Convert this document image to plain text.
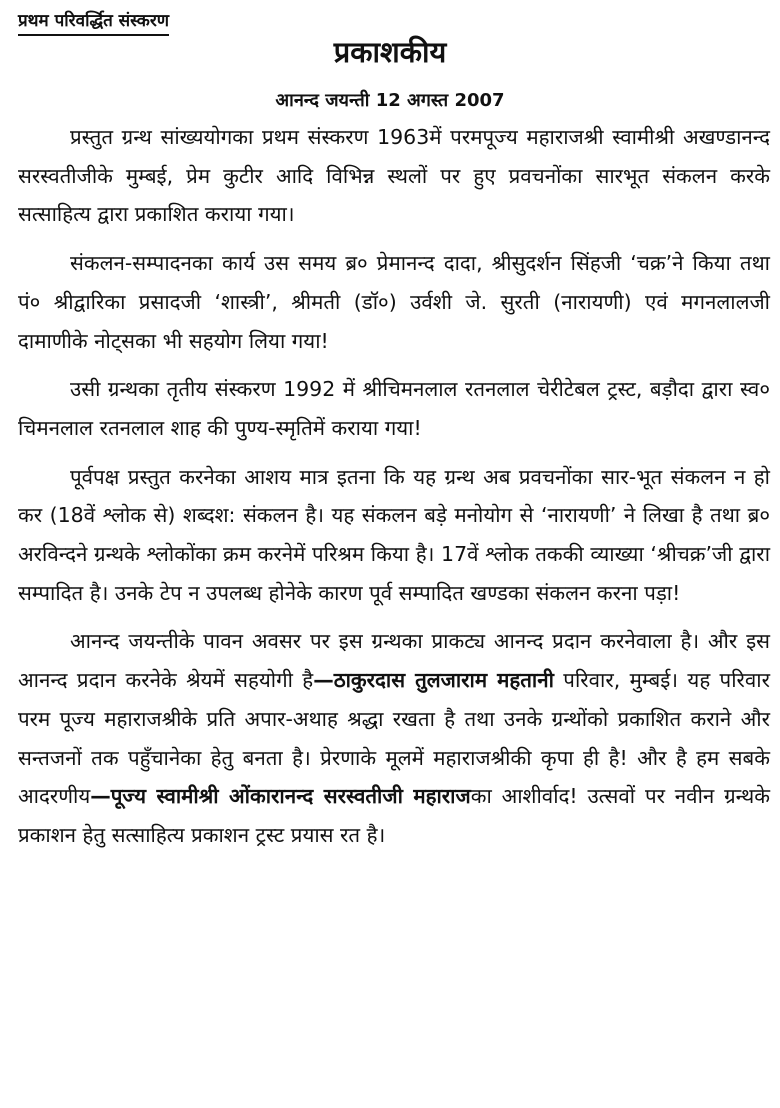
प्रथम परिवर्द्धित संस्करण
प्रकाशकीय
आनन्द जयन्ती 12 अगस्त 2007

प्रस्तुत ग्रन्थ सांख्ययोगका प्रथम संस्करण 1963में परमपूज्य महाराजश्री स्वामीश्री अखण्डानन्द सरस्वतीजीके मुम्बई, प्रेम कुटीर आदि विभिन्न स्थलों पर हुए प्रवचनोंका सारभूत संकलन करके सत्साहित्य द्वारा प्रकाशित कराया गया।

संकलन-सम्पादनका कार्य उस समय ब्र० प्रेमानन्द दादा, श्रीसुदर्शन सिंहजी ‘चक्र’ने किया तथा पं० श्रीद्वारिका प्रसादजी ‘शास्त्री’, श्रीमती (डॉ०) उर्वशी जे. सुरती (नारायणी) एवं मगनलालजी दामाणीके नोट्सका भी सहयोग लिया गया!

उसी ग्रन्थका तृतीय संस्करण 1992 में श्रीचिमनलाल रतनलाल चेरीटेबल ट्रस्ट, बड़ौदा द्वारा स्व० चिमनलाल रतनलाल शाह की पुण्य-स्मृतिमें कराया गया!

पूर्वपक्ष प्रस्तुत करनेका आशय मात्र इतना कि यह ग्रन्थ अब प्रवचनोंका सार-भूत संकलन न हो कर (18वें श्लोक से) शब्दश: संकलन है। यह संकलन बड़े मनोयोग से ‘नारायणी’ ने लिखा है तथा ब्र० अरविन्दने ग्रन्थके श्लोकोंका क्रम करनेमें परिश्रम किया है। 17वें श्लोक तककी व्याख्या ‘श्रीचक्र’जी द्वारा सम्पादित है। उनके टेप न उपलब्ध होनेके कारण पूर्व सम्पादित खण्डका संकलन करना पड़ा!

आनन्द जयन्तीके पावन अवसर पर इस ग्रन्थका प्राकट्य आनन्द प्रदान करनेवाला है। और इस आनन्द प्रदान करनेके श्रेयमें सहयोगी है—ठाकुरदास तुलजाराम महतानी परिवार, मुम्बई। यह परिवार परम पूज्य महाराजश्रीके प्रति अपार-अथाह श्रद्धा रखता है तथा उनके ग्रन्थोंको प्रकाशित कराने और सन्तजनों तक पहुँचानेका हेतु बनता है। प्रेरणाके मूलमें महाराजश्रीकी कृपा ही है! और है हम सबके आदरणीय—पूज्य स्वामीश्री ओंकारानन्द सरस्वतीजी महाराजका आशीर्वाद! उत्सवों पर नवीन ग्रन्थके प्रकाशन हेतु सत्साहित्य प्रकाशन ट्रस्ट प्रयास रत है।
